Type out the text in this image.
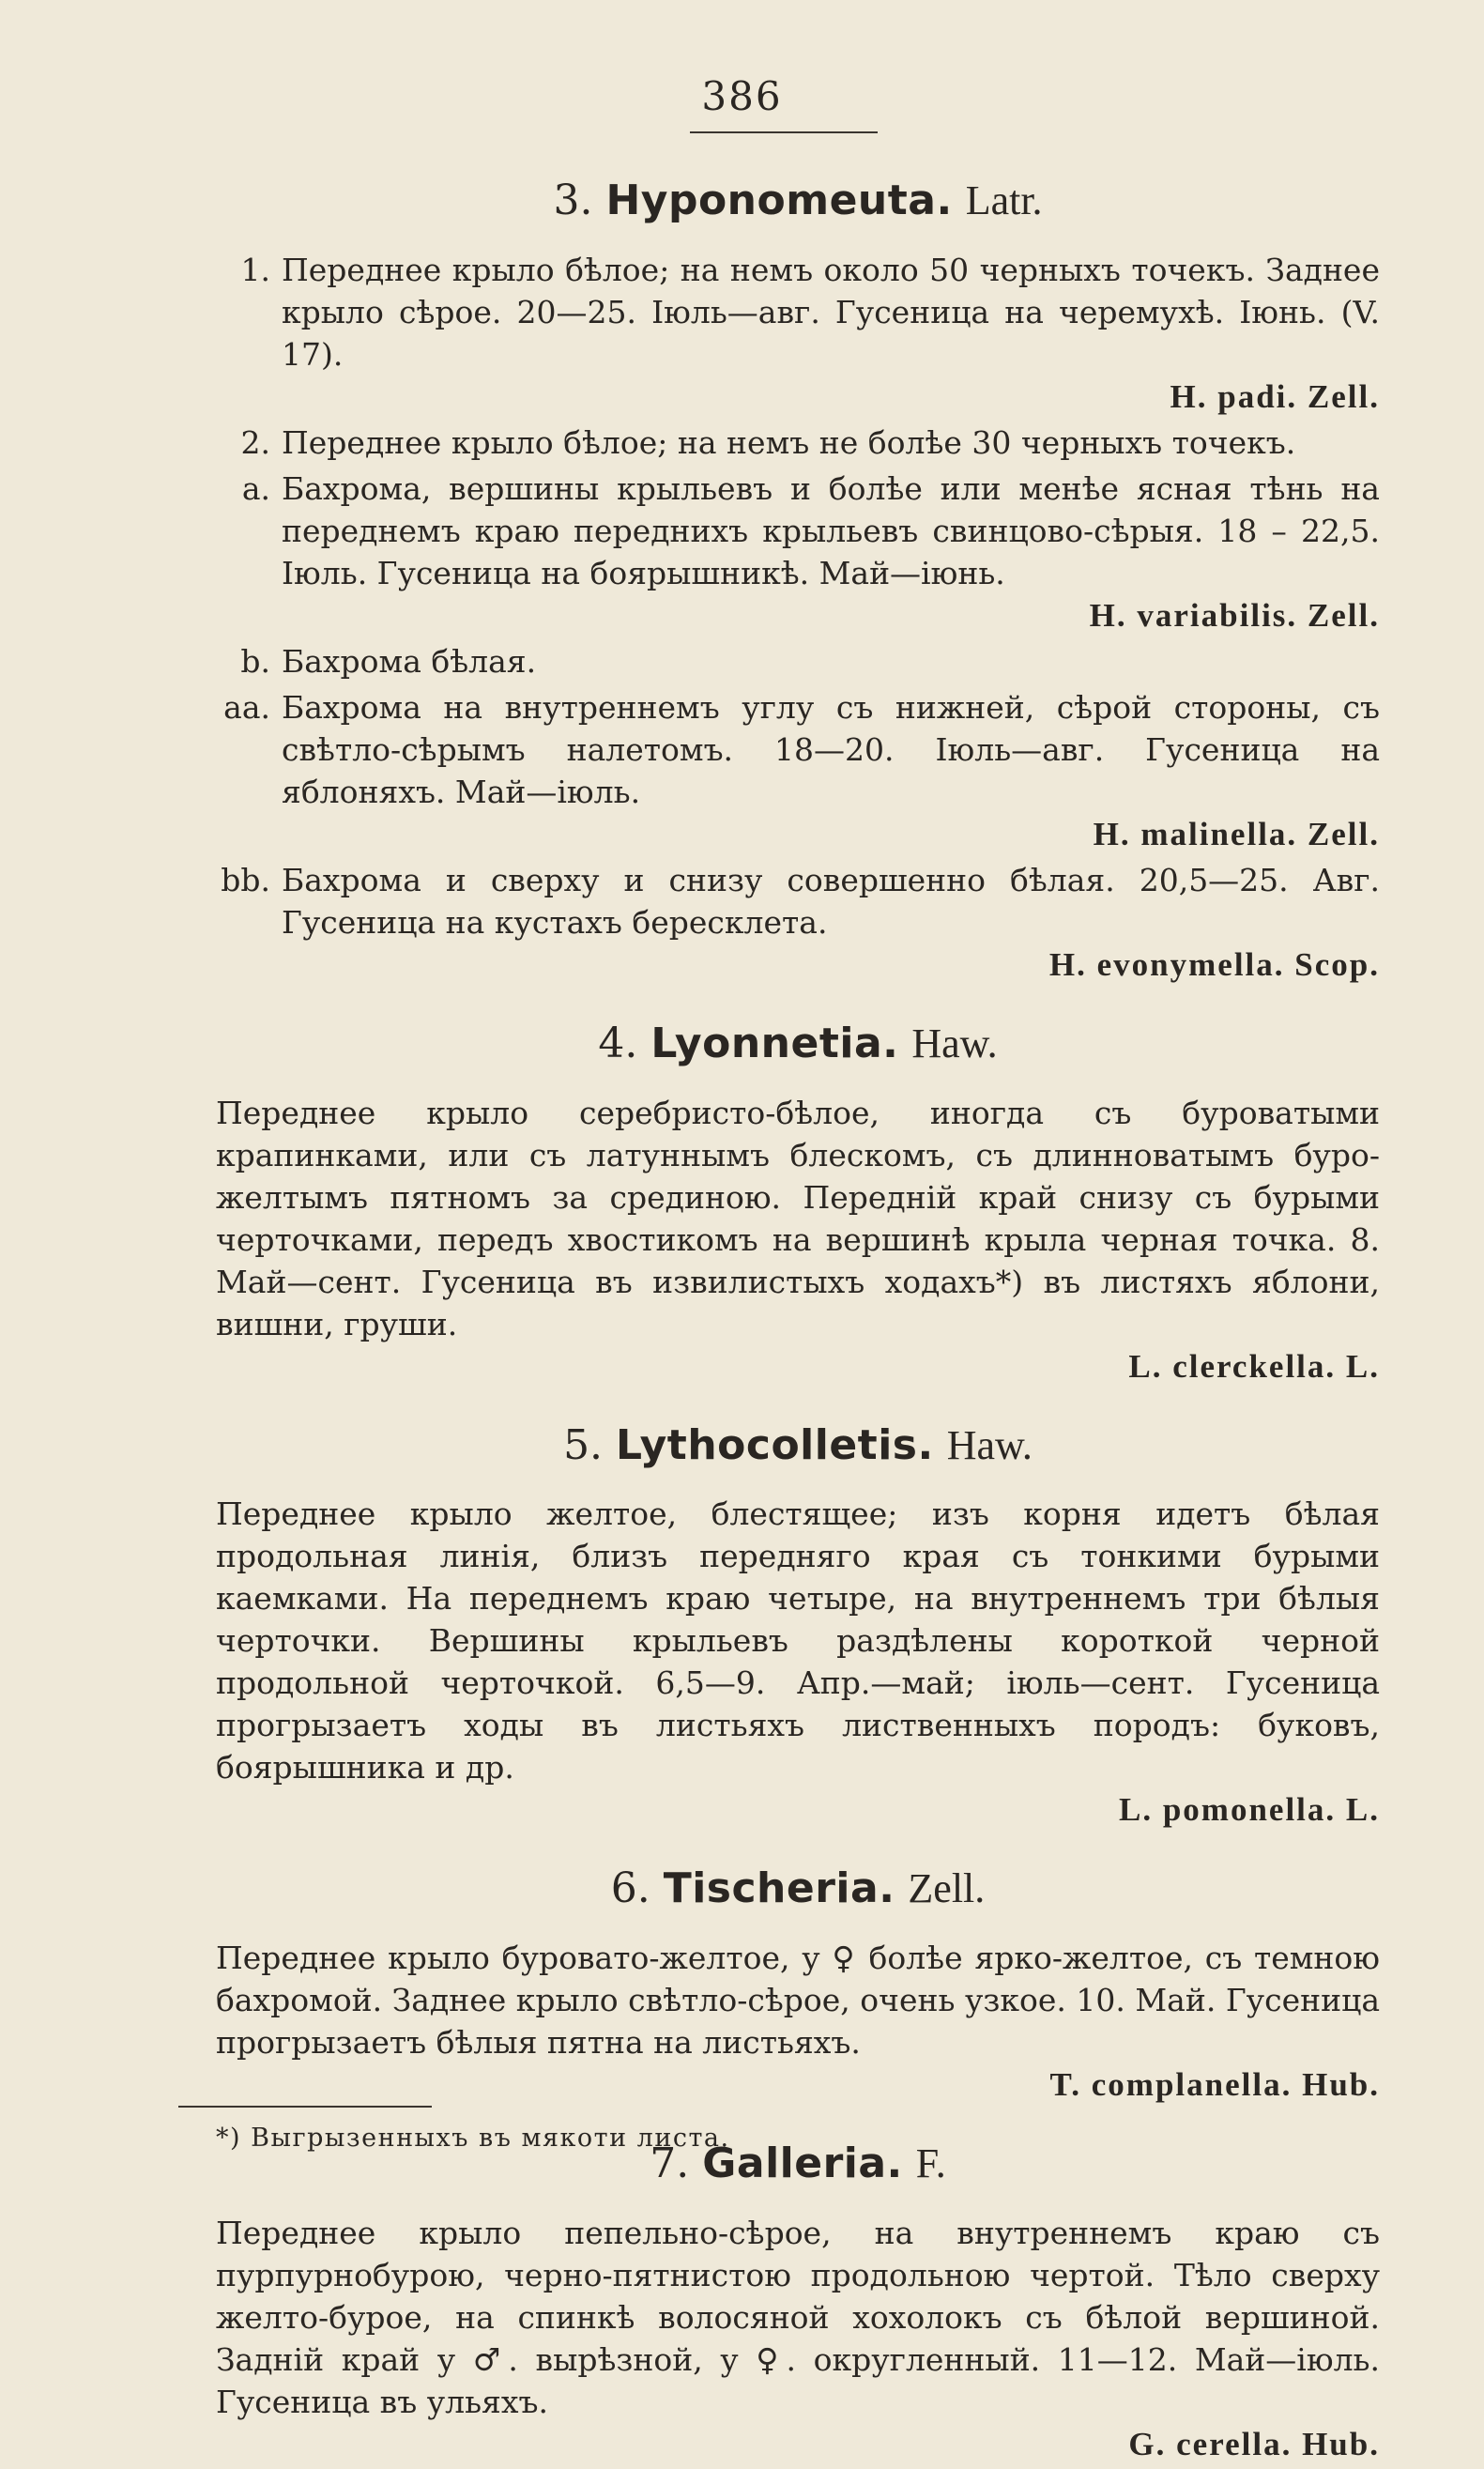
386
3. Hyponomeuta. Latr.
1. Переднее крыло бѣлое; на немъ около 50 черныхъ точекъ. Заднее крыло сѣрое. 20—25. Іюль—авг. Гусеница на черемухѣ. Іюнь. (V. 17).
H. padi. Zell.
2. Переднее крыло бѣлое; на немъ не болѣе 30 черныхъ точекъ.
a. Бахрома, вершины крыльевъ и болѣе или менѣе ясная тѣнь на переднемъ краю переднихъ крыльевъ свинцово-сѣрыя. 18 – 22,5. Іюль. Гусеница на боярышникѣ. Май—іюнь.
H. variabilis. Zell.
b. Бахрома бѣлая.
aa. Бахрома на внутреннемъ углу съ нижней, сѣрой стороны, съ свѣтло-сѣрымъ налетомъ. 18—20. Іюль—авг. Гусеница на яблоняхъ. Май—іюль.
H. malinella. Zell.
bb. Бахрома и сверху и снизу совершенно бѣлая. 20,5—25. Авг. Гусеница на кустахъ бересклета.
H. evonymella. Scop.
4. Lyonnetia. Haw.
Переднее крыло серебристо-бѣлое, иногда съ буроватыми крапинками, или съ латуннымъ блескомъ, съ длинноватымъ буро-желтымъ пятномъ за срединою. Переднiй край снизу съ бурыми черточками, передъ хвостикомъ на вершинѣ крыла черная точка. 8. Май—сент. Гусеница въ извилистыхъ ходахъ*) въ листяхъ яблони, вишни, груши.
L. clerckella. L.
5. Lythocolletis. Haw.
Переднее крыло желтое, блестящее; изъ корня идетъ бѣлая продольная линія, близъ передняго края съ тонкими бурыми каемками. На переднемъ краю четыре, на внутреннемъ три бѣлыя черточки. Вершины крыльевъ раздѣлены короткой черной продольной черточкой. 6,5—9. Апр.—май; іюль—сент. Гусеница прогрызаетъ ходы въ листьяхъ лиственныхъ породъ: буковъ, боярышника и др.
L. pomonella. L.
6. Tischeria. Zell.
Переднее крыло буровато-желтое, у ♀ болѣе ярко-желтое, съ темною бахромой. Заднее крыло свѣтло-сѣрое, очень узкое. 10. Май. Гусеница прогрызаетъ бѣлыя пятна на листьяхъ.
T. complanella. Hub.
7. Galleria. F.
Переднее крыло пепельно-сѣрое, на внутреннемъ краю съ пурпурнобурою, черно-пятнистою продольною чертой. Тѣло сверху желто-бурое, на спинкѣ волосяной хохолокъ съ бѣлой вершиной. Заднiй край у ♂. вырѣзной, у ♀. округленный. 11—12. Май—іюль. Гусеница въ ульяхъ.
G. cerella. Hub.
*) Выгрызенныхъ въ мякоти листа.
